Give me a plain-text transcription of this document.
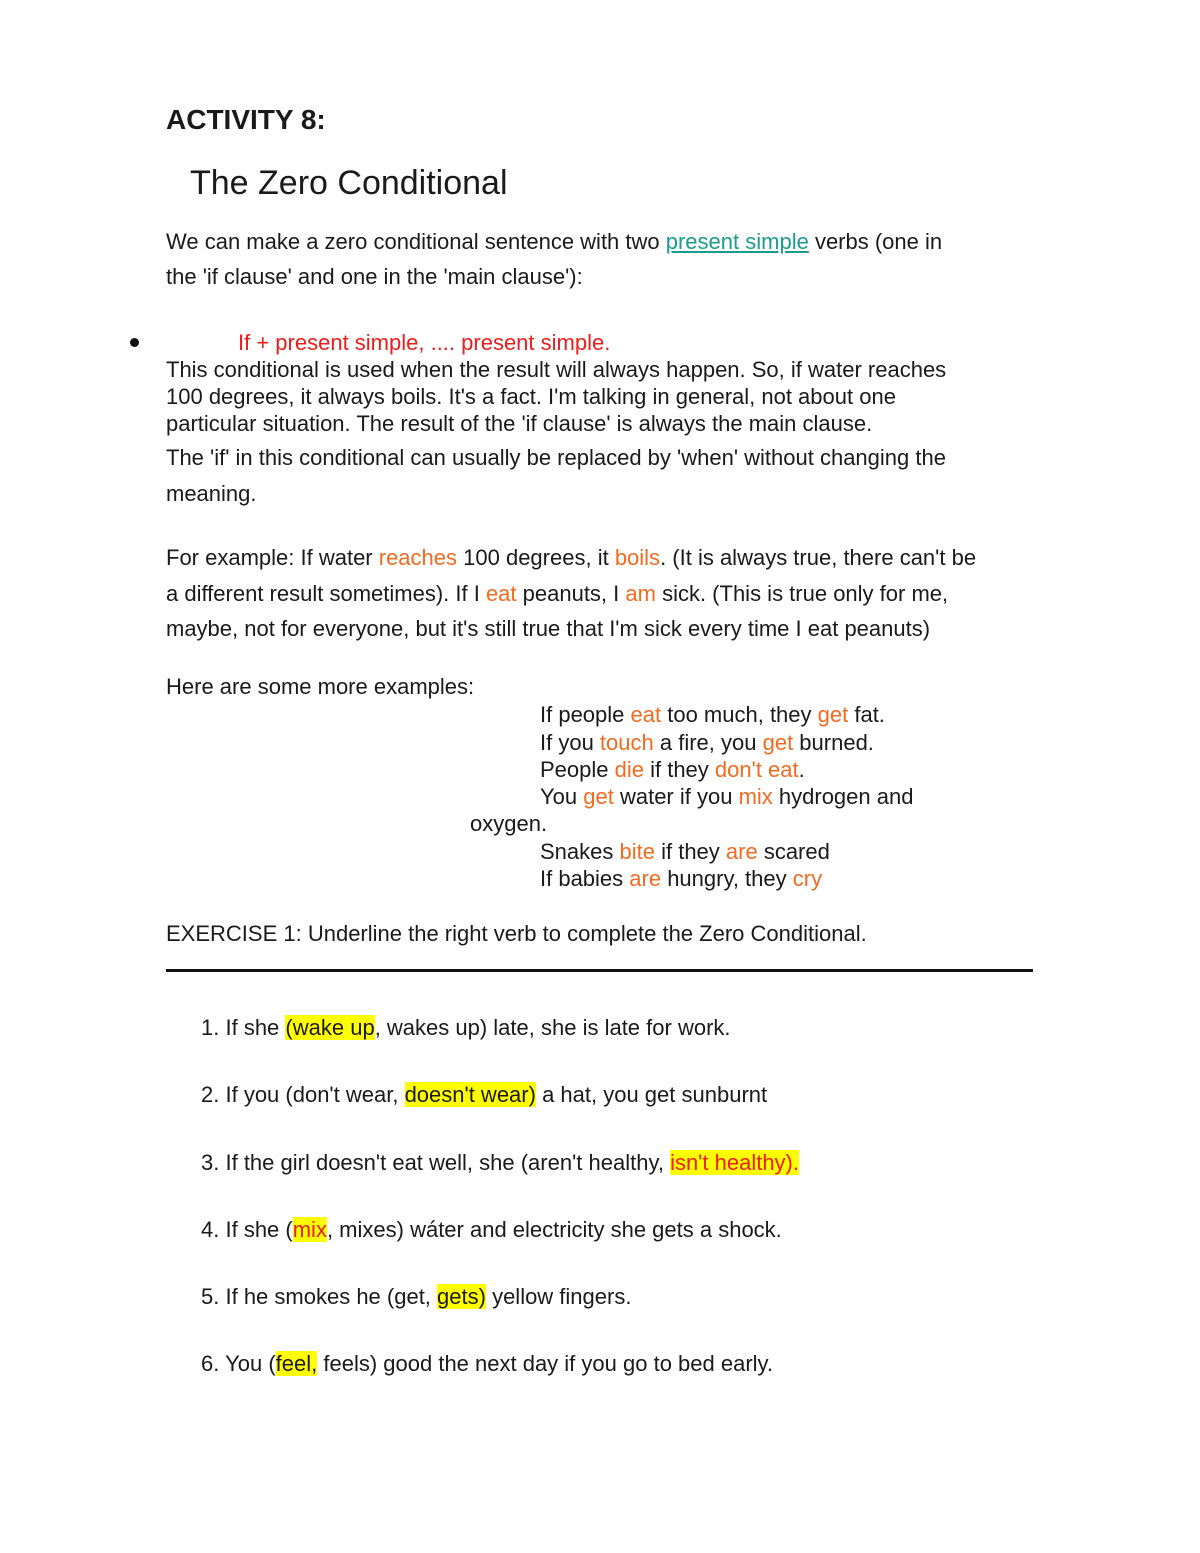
ACTIVITY 8:
The Zero Conditional
We can make a zero conditional sentence with two present simple verbs (one in
the 'if clause' and one in the 'main clause'):
If + present simple, .... present simple.
This conditional is used when the result will always happen. So, if water reaches
100 degrees, it always boils. It's a fact. I'm talking in general, not about one
particular situation. The result of the 'if clause' is always the main clause.
The 'if' in this conditional can usually be replaced by 'when' without changing the
meaning.
For example: If water reaches 100 degrees, it boils. (It is always true, there can't be
a different result sometimes). If I eat peanuts, I am sick. (This is true only for me,
maybe, not for everyone, but it's still true that I'm sick every time I eat peanuts)
Here are some more examples:
If people eat too much, they get fat.
If you touch a fire, you get burned.
People die if they don't eat.
You get water if you mix hydrogen and
oxygen.
Snakes bite if they are scared
If babies are hungry, they cry
EXERCISE 1: Underline the right verb to complete the Zero Conditional.
1. If she (wake up, wakes up) late, she is late for work.
2. If you (don't wear, doesn't wear) a hat, you get sunburnt
3. If the girl doesn't eat well, she (aren't healthy, isn't healthy).
4. If she (mix, mixes) wáter and electricity she gets a shock.
5. If he smokes he (get, gets) yellow fingers.
6. You (feel, feels) good the next day if you go to bed early.
